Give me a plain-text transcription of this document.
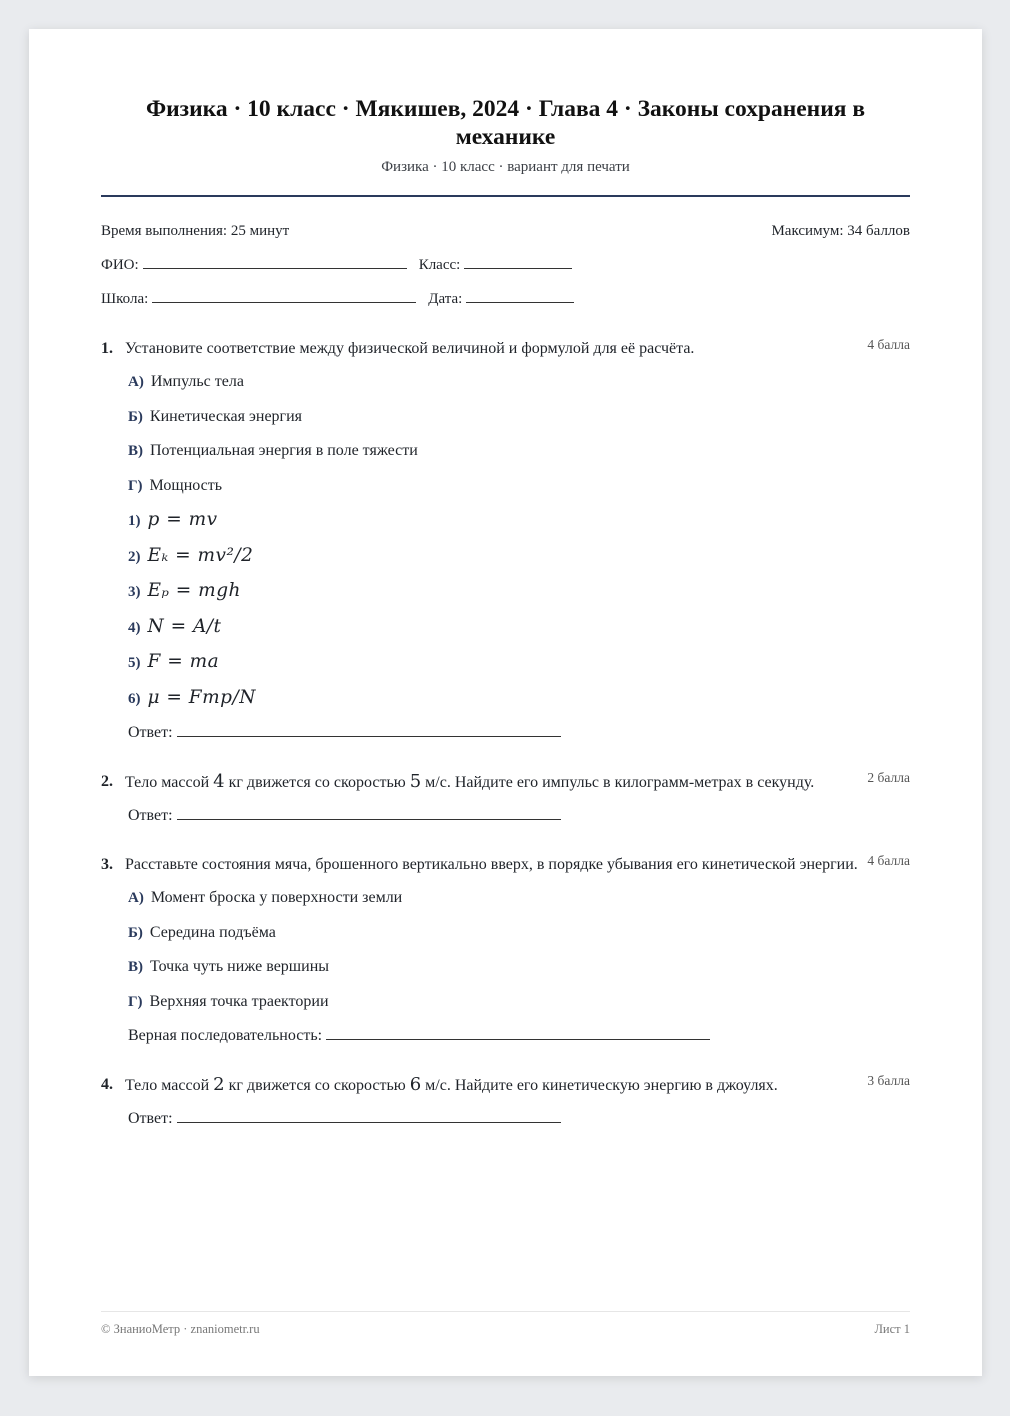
Физика · 10 класс · Мякишев, 2024 · Глава 4 · Законы сохранения в механике
Физика · 10 класс · вариант для печати
Время выполнения: 25 минут	Максимум: 34 баллов
ФИО:	Класс:
Школа:	Дата:
1. Установите соответствие между физической величиной и формулой для её расчёта.	4 балла
А) Импульс тела
Б) Кинетическая энергия
В) Потенциальная энергия в поле тяжести
Г) Мощность
1) p = mv
2) Eₖ = mv²/2
3) Eₚ = mgh
4) N = A/t
5) F = ma
6) μ = Fтр/N
Ответ:
2. Тело массой 4 кг движется со скоростью 5 м/с. Найдите его импульс в килограмм-метрах в секунду.	2 балла
Ответ:
3. Расставьте состояния мяча, брошенного вертикально вверх, в порядке убывания его кинетической энергии. 4 балла
А) Момент броска у поверхности земли
Б) Середина подъёма
В) Точка чуть ниже вершины
Г) Верхняя точка траектории
Верная последовательность:
4. Тело массой 2 кг движется со скоростью 6 м/с. Найдите его кинетическую энергию в джоулях.	3 балла
Ответ:
© ЗнаниоМетр · znaniometr.ru	Лист 1
